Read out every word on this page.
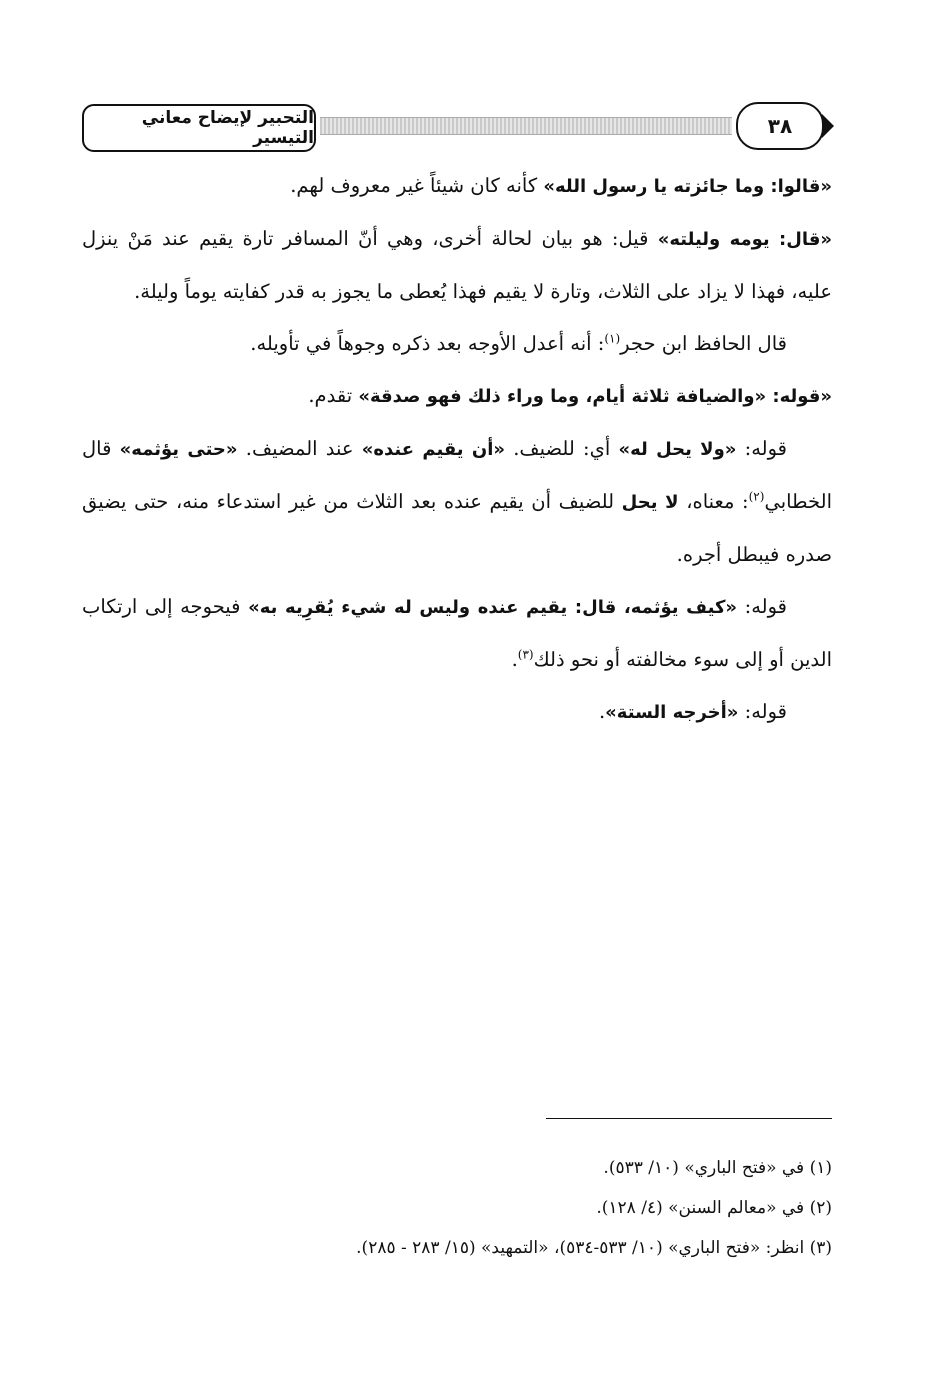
التحبير لإيضاح معاني التيسير	٣٨

«قالوا: وما جائزته يا رسول الله» كأنه كان شيئاً غير معروف لهم.

«قال: يومه وليلته» قيل: هو بيان لحالة أخرى، وهي أنّ المسافر تارة يقيم عند مَنْ ينزل عليه، فهذا لا يزاد على الثلاث، وتارة لا يقيم فهذا يُعطى ما يجوز به قدر كفايته يوماً وليلة.

قال الحافظ ابن حجر$^{(١)}$: أنه أعدل الأوجه بعد ذكره وجوهاً في تأويله.

«قوله: «والضيافة ثلاثة أيام، وما وراء ذلك فهو صدقة» تقدم.

قوله: «ولا يحل له» أي: للضيف. «أن يقيم عنده» عند المضيف. «حتى يؤثمه» قال الخطابي$^{(٢)}$: معناه، لا يحل للضيف أن يقيم عنده بعد الثلاث من غير استدعاء منه، حتى يضيق صدره فيبطل أجره.

قوله: «كيف يؤثمه، قال: يقيم عنده وليس له شيء يُقرِيه به» فيحوجه إلى ارتكاب الدين أو إلى سوء مخالفته أو نحو ذلك$^{(٣)}$.

قوله: «أخرجه الستة».

(١) في «فتح الباري» (١٠/ ٥٣٣).

(٢) في «معالم السنن» (٤/ ١٢٨).

(٣) انظر: «فتح الباري» (١٠/ ٥٣٣-٥٣٤)، «التمهيد» (١٥/ ٢٨٣ - ٢٨٥).
